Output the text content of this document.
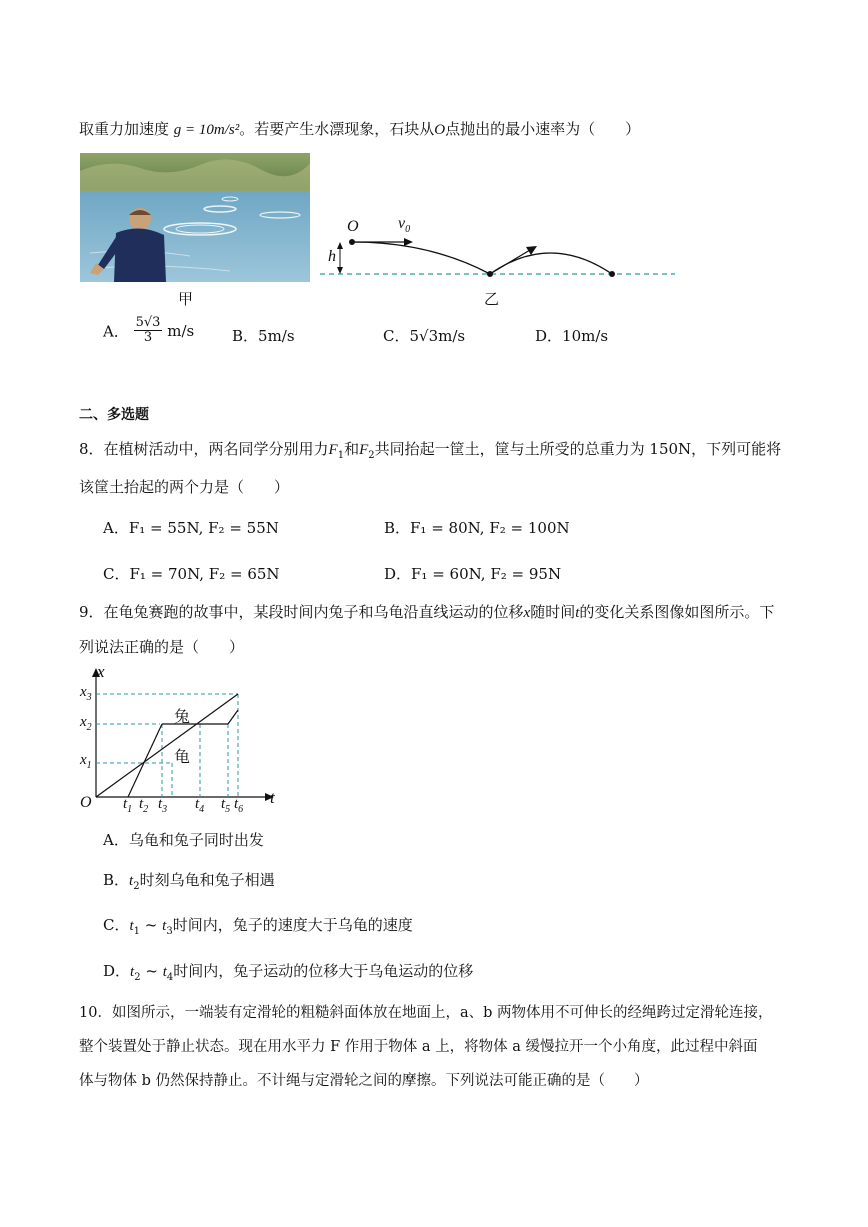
取重力加速度 g = 10m/s²。若要产生水漂现象，石块从O点抛出的最小速率为（　　）
甲
O $v_0$
h
乙
A． $\frac{5√3}{3} m/s$	B．5m/s	C．5√3m/s	D．10m/s
二、多选题
8．在植树活动中，两名同学分别用力$F_1$和$F_2$共同抬起一筐土，筐与土所受的总重力为 150N，下列可能将
该筐土抬起的两个力是（　　）
A．F₁ = 55N, F₂ = 55N	B．F₁ = 80N, F₂ = 100N
C．F₁ = 70N, F₂ = 65N	D．F₁ = 60N, F₂ = 95N
9．在龟兔赛跑的故事中，某段时间内兔子和乌龟沿直线运动的位移x随时间t的变化关系图像如图所示。下
列说法正确的是（　　）
x
t
O
$x_3$
$x_2$
$x_1$
$t_1$ $t_2$ $t_3$ $t_4$ $t_5$ $t_6$
兔
龟
A．乌龟和兔子同时出发
B．$t_2$时刻乌龟和兔子相遇
C．$t_1$ ~ $t_3$时间内，兔子的速度大于乌龟的速度
D．$t_2$ ~ $t_4$时间内，兔子运动的位移大于乌龟运动的位移
10．如图所示，一端装有定滑轮的粗糙斜面体放在地面上，a、b 两物体用不可伸长的经绳跨过定滑轮连接，
整个装置处于静止状态。现在用水平力 F 作用于物体 a 上，将物体 a 缓慢拉开一个小角度，此过程中斜面
体与物体 b 仍然保持静止。不计绳与定滑轮之间的摩擦。下列说法可能正确的是（　　）
